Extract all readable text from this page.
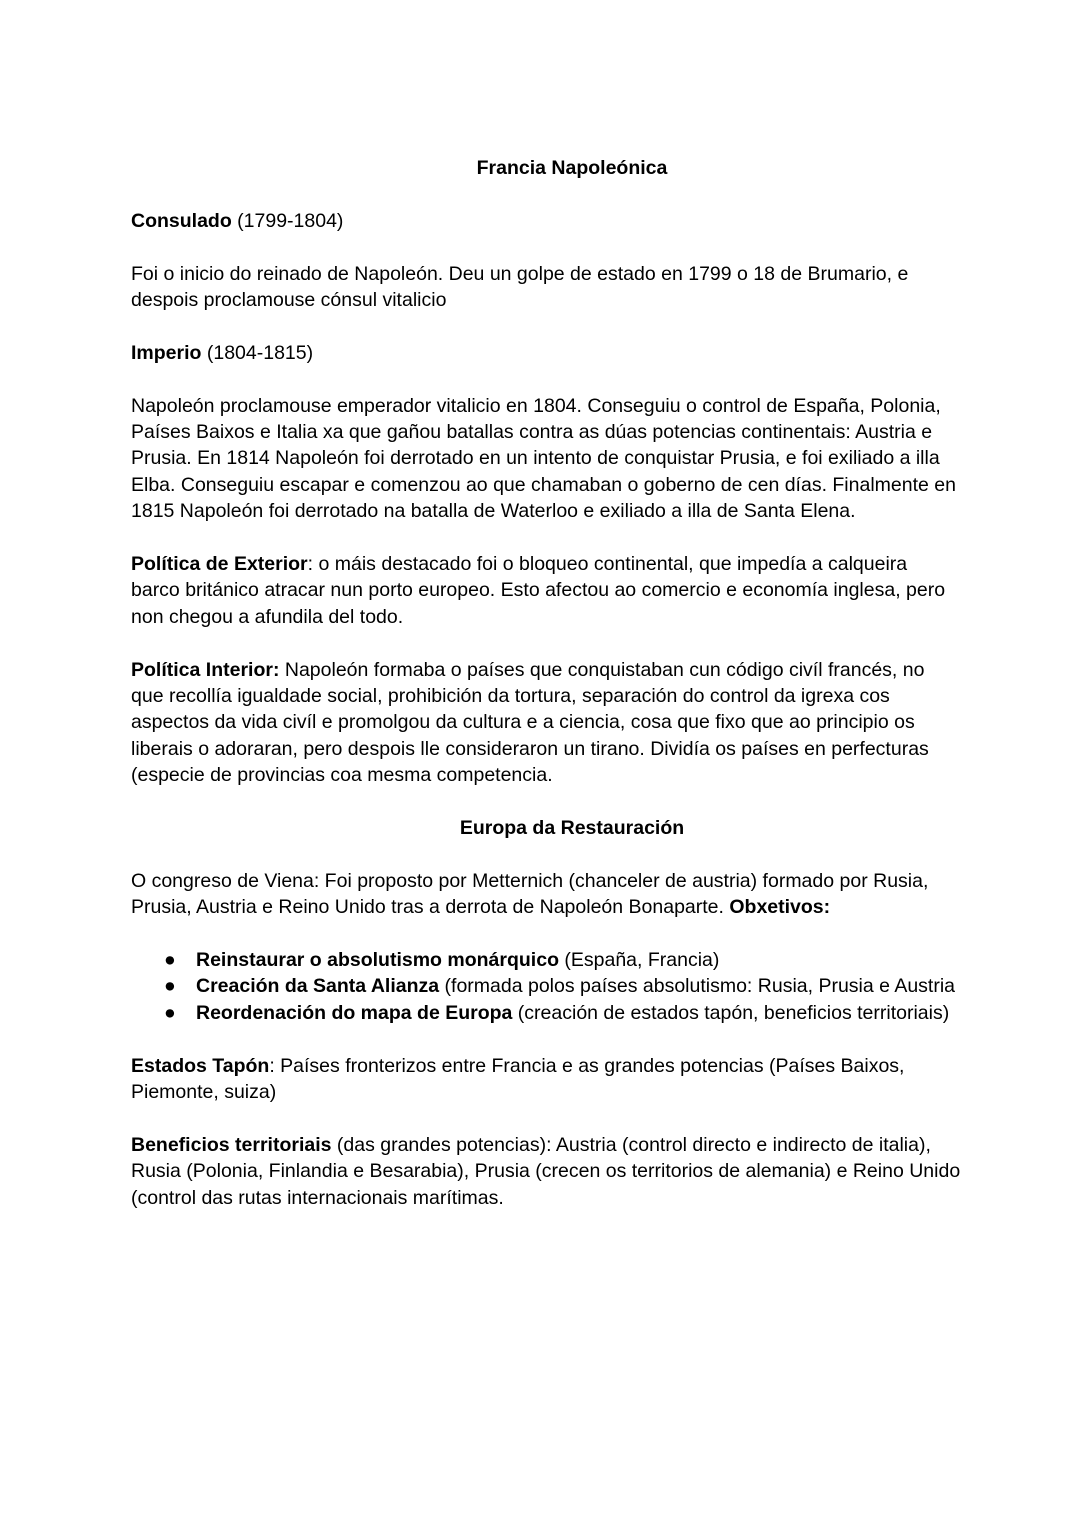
Francia Napoleónica

Consulado (1799-1804)

Foi o inicio do reinado de Napoleón. Deu un golpe de estado en 1799 o 18 de Brumario, e despois proclamouse cónsul vitalicio

Imperio (1804-1815)

Napoleón proclamouse emperador vitalicio en 1804. Conseguiu o control de España, Polonia, Países Baixos e Italia xa que gañou batallas contra as dúas potencias continentais: Austria e Prusia. En 1814 Napoleón foi derrotado en un intento de conquistar Prusia, e foi exiliado a illa Elba. Conseguiu escapar e comenzou ao que chamaban o goberno de cen días. Finalmente en 1815 Napoleón foi derrotado na batalla de Waterloo e exiliado a illa de Santa Elena.

Política de Exterior: o máis destacado foi o bloqueo continental, que impedía a calqueira barco británico atracar nun porto europeo. Esto afectou ao comercio e economía inglesa, pero non chegou a afundila del todo.

Política Interior: Napoleón formaba o países que conquistaban cun código civíl francés, no que recollía igualdade social, prohibición da tortura, separación do control da igrexa cos aspectos da vida civíl e promolgou da cultura e a ciencia, cosa que fixo que ao principio os liberais o adoraran, pero despois lle consideraron un tirano. Dividía os países en perfecturas (especie de provincias coa mesma competencia.

Europa da Restauración

O congreso de Viena: Foi proposto por Metternich (chanceler de austria) formado por Rusia, Prusia, Austria e Reino Unido tras a derrota de Napoleón Bonaparte. Obxetivos:

● Reinstaurar o absolutismo monárquico (España, Francia)
● Creación da Santa Alianza (formada polos países absolutismo: Rusia, Prusia e Austria
● Reordenación do mapa de Europa (creación de estados tapón, beneficios territoriais)

Estados Tapón: Países fronterizos entre Francia e as grandes potencias (Países Baixos, Piemonte, suiza)

Beneficios territoriais (das grandes potencias): Austria (control directo e indirecto de italia), Rusia (Polonia, Finlandia e Besarabia), Prusia (crecen os territorios de alemania) e Reino Unido (control das rutas internacionais marítimas.
